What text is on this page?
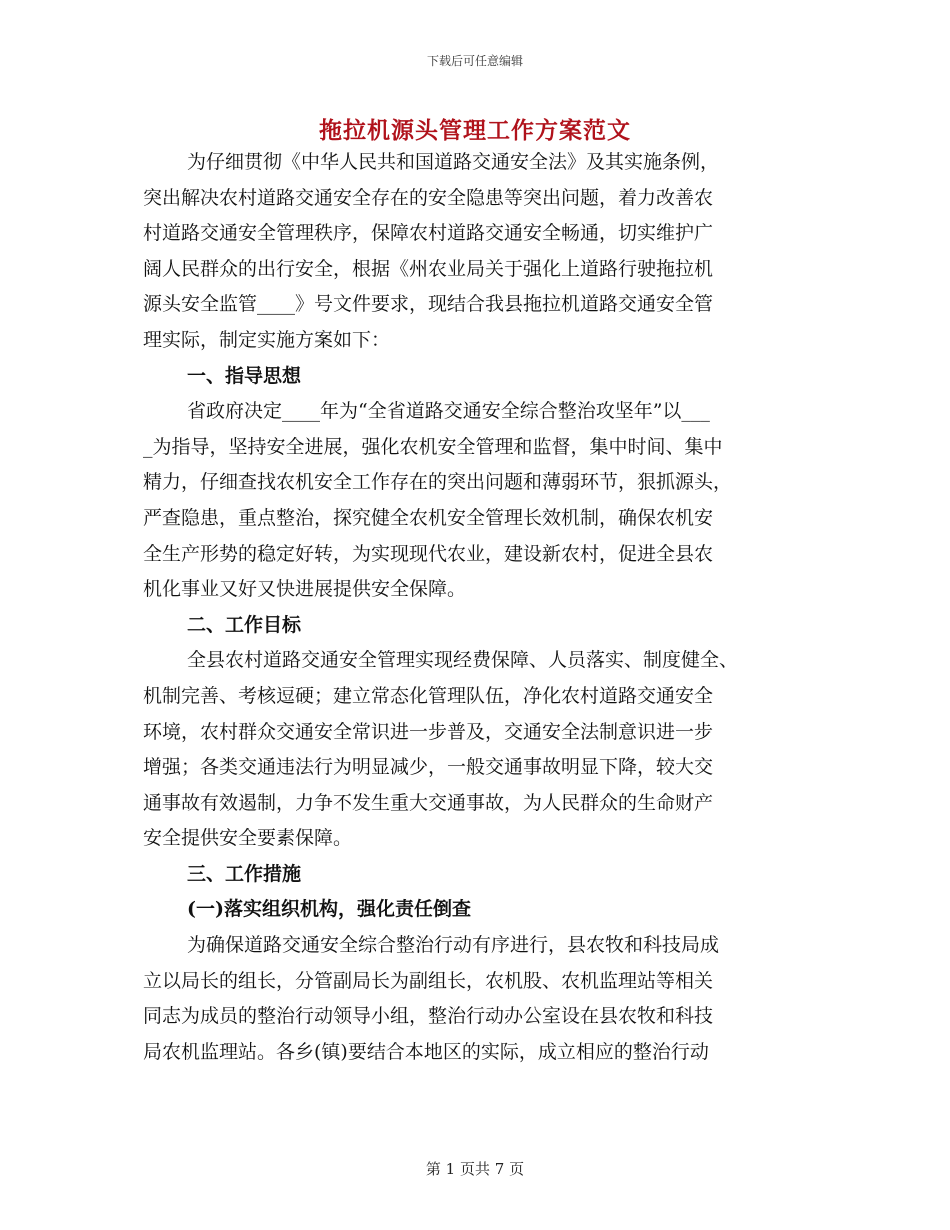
下载后可任意编辑
拖拉机源头管理工作方案范文
为仔细贯彻《中华人民共和国道路交通安全法》及其实施条例，
突出解决农村道路交通安全存在的安全隐患等突出问题，着力改善农
村道路交通安全管理秩序，保障农村道路交通安全畅通，切实维护广
阔人民群众的出行安全，根据《州农业局关于强化上道路行驶拖拉机
源头安全监管____》号文件要求，现结合我县拖拉机道路交通安全管
理实际，制定实施方案如下：
一、指导思想
省政府决定____年为“全省道路交通安全综合整治攻坚年”以___
_为指导，坚持安全进展，强化农机安全管理和监督，集中时间、集中
精力，仔细查找农机安全工作存在的突出问题和薄弱环节，狠抓源头，
严查隐患，重点整治，探究健全农机安全管理长效机制，确保农机安
全生产形势的稳定好转，为实现现代农业，建设新农村，促进全县农
机化事业又好又快进展提供安全保障。
二、工作目标
全县农村道路交通安全管理实现经费保障、人员落实、制度健全、
机制完善、考核逗硬；建立常态化管理队伍，净化农村道路交通安全
环境，农村群众交通安全常识进一步普及，交通安全法制意识进一步
增强；各类交通违法行为明显减少，一般交通事故明显下降，较大交
通事故有效遏制，力争不发生重大交通事故，为人民群众的生命财产
安全提供安全要素保障。
三、工作措施
(一)落实组织机构，强化责任倒查
为确保道路交通安全综合整治行动有序进行，县农牧和科技局成
立以局长的组长，分管副局长为副组长，农机股、农机监理站等相关
同志为成员的整治行动领导小组，整治行动办公室设在县农牧和科技
局农机监理站。各乡(镇)要结合本地区的实际，成立相应的整治行动
第 1 页共 7 页
